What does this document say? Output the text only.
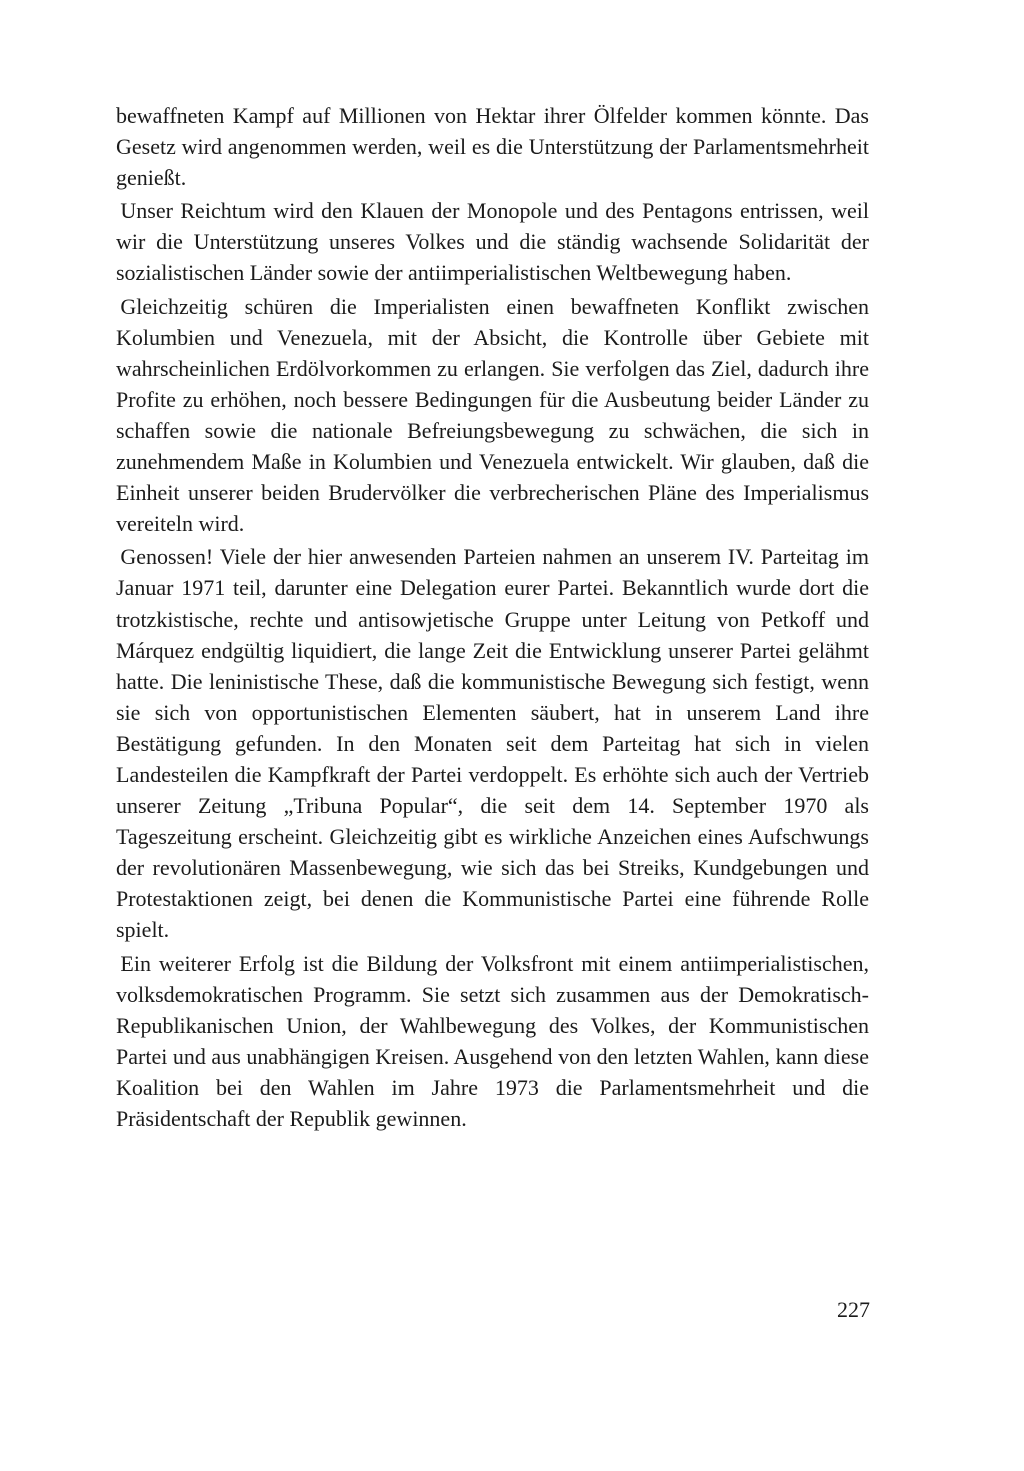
bewaffneten Kampf auf Millionen von Hektar ihrer Ölfelder kommen könnte. Das Gesetz wird angenommen werden, weil es die Unterstützung der Parlamentsmehrheit genießt.

Unser Reichtum wird den Klauen der Monopole und des Pentagons entrissen, weil wir die Unterstützung unseres Volkes und die ständig wachsende Solidarität der sozialistischen Länder sowie der antiimperialistischen Weltbewegung haben.

Gleichzeitig schüren die Imperialisten einen bewaffneten Konflikt zwischen Kolumbien und Venezuela, mit der Absicht, die Kontrolle über Gebiete mit wahrscheinlichen Erdölvorkommen zu erlangen. Sie verfolgen das Ziel, dadurch ihre Profite zu erhöhen, noch bessere Bedingungen für die Ausbeutung beider Länder zu schaffen sowie die nationale Befreiungsbewegung zu schwächen, die sich in zunehmendem Maße in Kolumbien und Venezuela entwickelt. Wir glauben, daß die Einheit unserer beiden Brudervölker die verbrecherischen Pläne des Imperialismus vereiteln wird.

Genossen! Viele der hier anwesenden Parteien nahmen an unserem IV. Parteitag im Januar 1971 teil, darunter eine Delegation eurer Partei. Bekanntlich wurde dort die trotzkistische, rechte und antisowjetische Gruppe unter Leitung von Petkoff und Márquez endgültig liquidiert, die lange Zeit die Entwicklung unserer Partei gelähmt hatte. Die leninistische These, daß die kommunistische Bewegung sich festigt, wenn sie sich von opportunistischen Elementen säubert, hat in unserem Land ihre Bestätigung gefunden. In den Monaten seit dem Parteitag hat sich in vielen Landesteilen die Kampfkraft der Partei verdoppelt. Es erhöhte sich auch der Vertrieb unserer Zeitung „Tribuna Popular“, die seit dem 14. September 1970 als Tageszeitung erscheint. Gleichzeitig gibt es wirkliche Anzeichen eines Aufschwungs der revolutionären Massenbewegung, wie sich das bei Streiks, Kundgebungen und Protestaktionen zeigt, bei denen die Kommunistische Partei eine führende Rolle spielt.

Ein weiterer Erfolg ist die Bildung der Volksfront mit einem antiimperialistischen, volksdemokratischen Programm. Sie setzt sich zusammen aus der Demokratisch-Republikanischen Union, der Wahlbewegung des Volkes, der Kommunistischen Partei und aus unabhängigen Kreisen. Ausgehend von den letzten Wahlen, kann diese Koalition bei den Wahlen im Jahre 1973 die Parlamentsmehrheit und die Präsidentschaft der Republik gewinnen.

227
